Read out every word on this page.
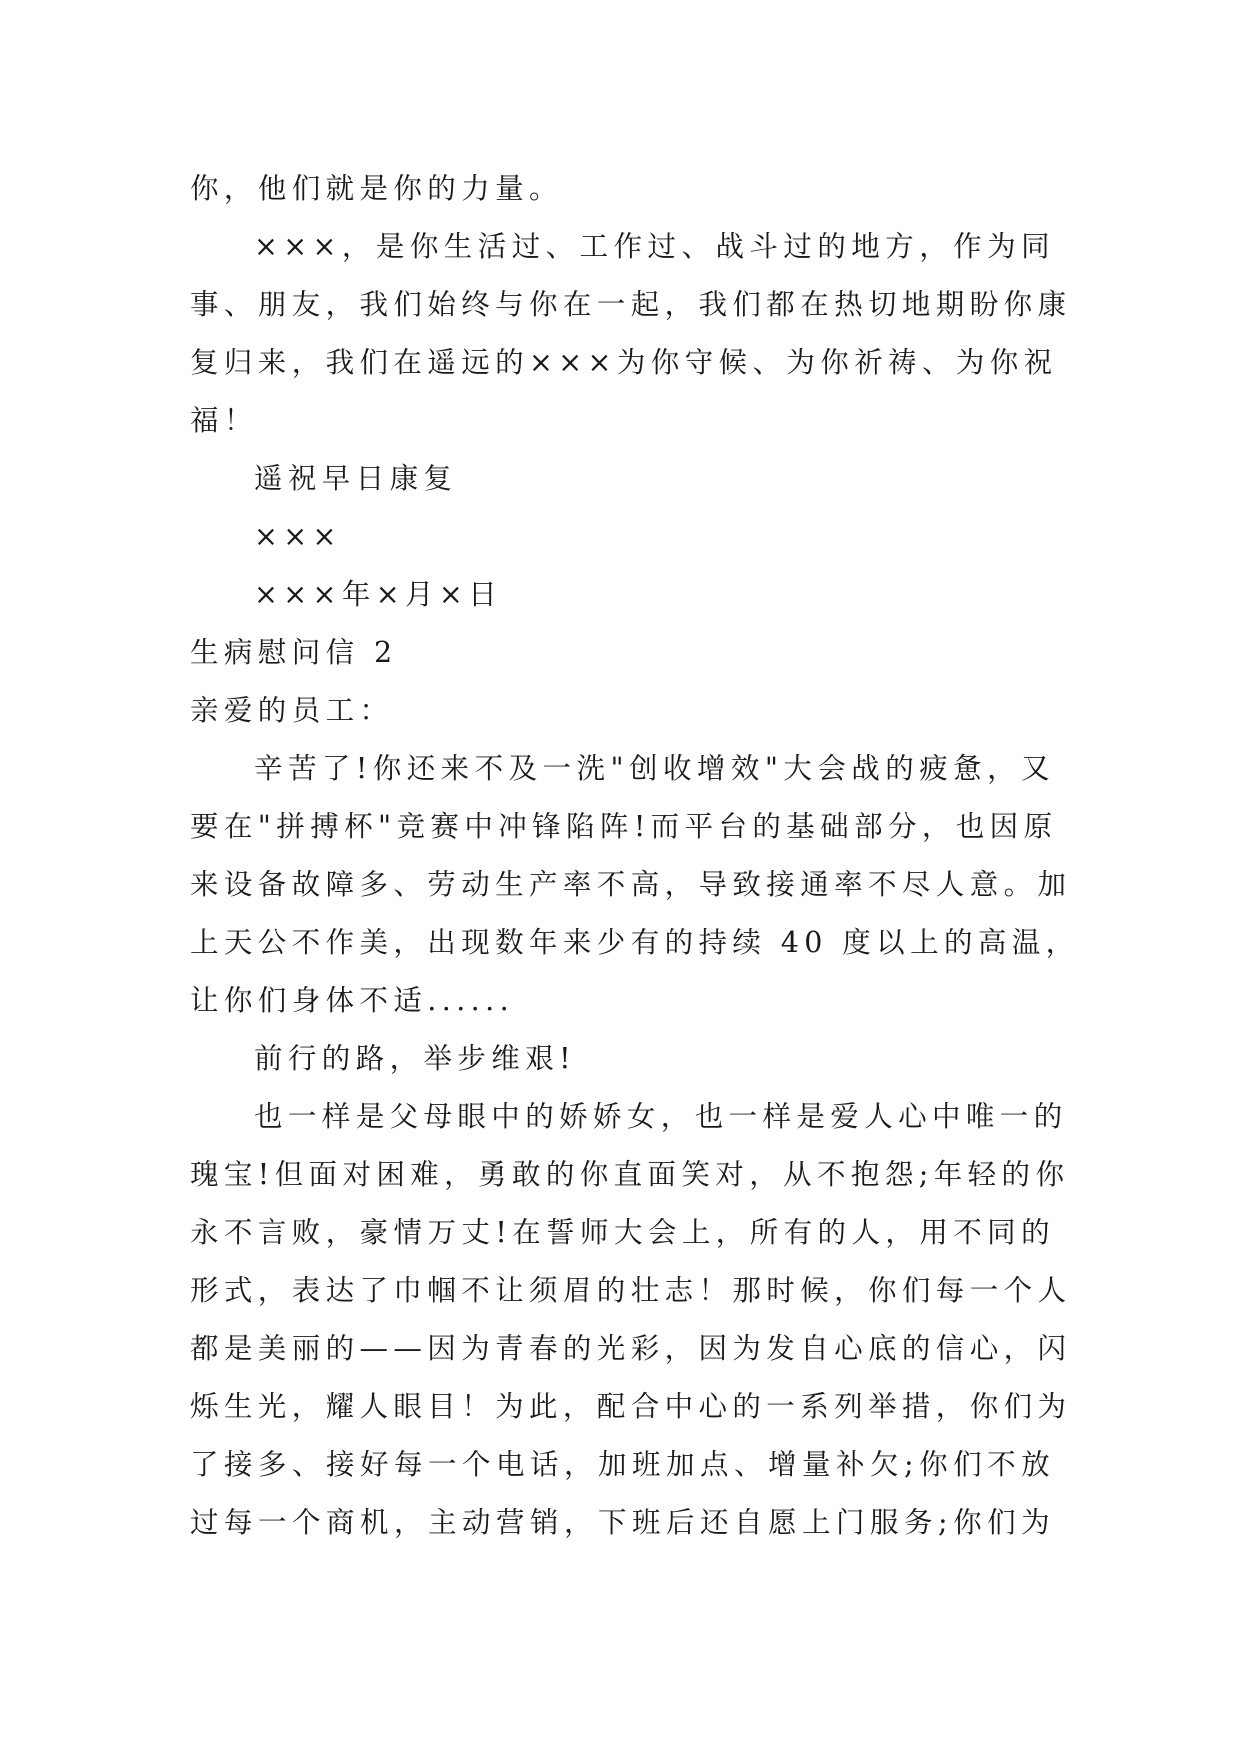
你，他们就是你的力量。
×××，是你生活过、工作过、战斗过的地方，作为同
事、朋友，我们始终与你在一起，我们都在热切地期盼你康
复归来，我们在遥远的×××为你守候、为你祈祷、为你祝
福！
遥祝早日康复
×××
×××年×月×日
生病慰问信 2
亲爱的员工：
辛苦了!你还来不及一洗"创收增效"大会战的疲惫，又
要在"拼搏杯"竞赛中冲锋陷阵!而平台的基础部分，也因原
来设备故障多、劳动生产率不高，导致接通率不尽人意。加
上天公不作美，出现数年来少有的持续 40 度以上的高温，
让你们身体不适......
前行的路，举步维艰!
也一样是父母眼中的娇娇女，也一样是爱人心中唯一的
瑰宝!但面对困难，勇敢的你直面笑对，从不抱怨;年轻的你
永不言败，豪情万丈!在誓师大会上，所有的人，用不同的
形式，表达了巾帼不让须眉的壮志！那时候，你们每一个人
都是美丽的——因为青春的光彩，因为发自心底的信心，闪
烁生光，耀人眼目！为此，配合中心的一系列举措，你们为
了接多、接好每一个电话，加班加点、增量补欠;你们不放
过每一个商机，主动营销，下班后还自愿上门服务;你们为
